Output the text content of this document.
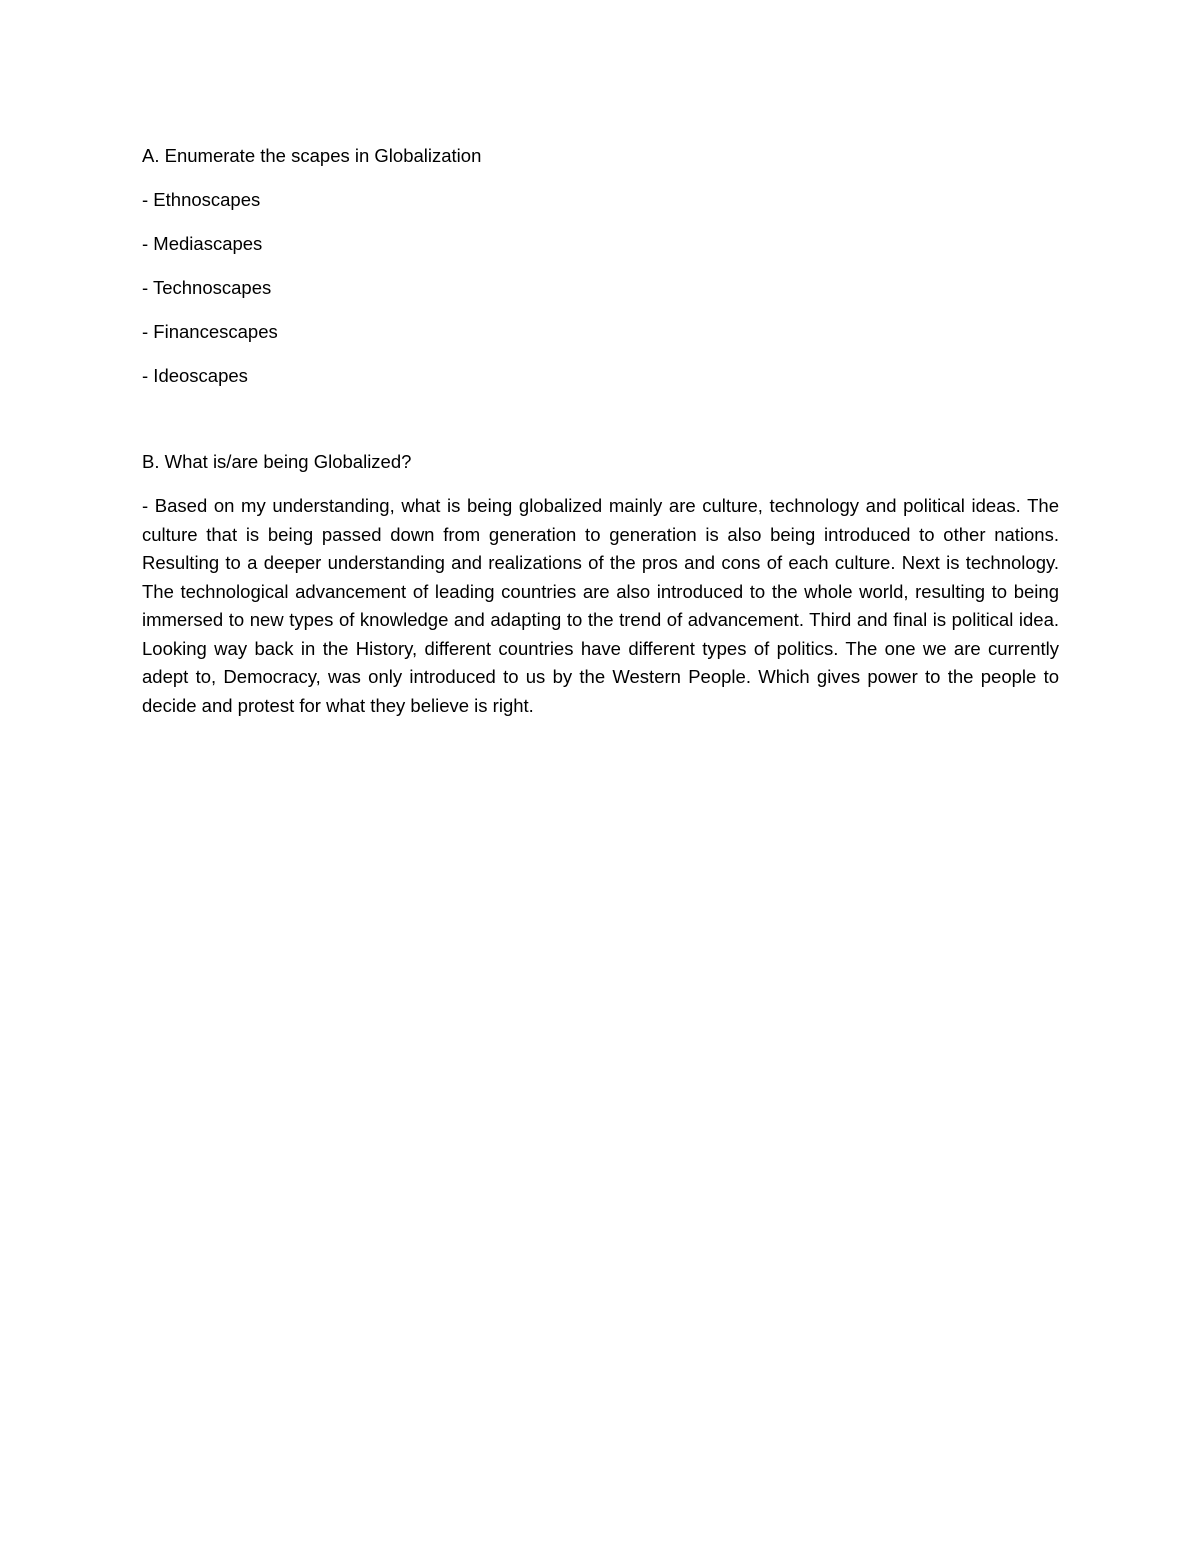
A. Enumerate the scapes in Globalization

- Ethnoscapes
- Mediascapes
- Technoscapes
- Financescapes
- Ideoscapes

B. What is/are being Globalized?

- Based on my understanding, what is being globalized mainly are culture, technology and political ideas. The culture that is being passed down from generation to generation is also being introduced to other nations. Resulting to a deeper understanding and realizations of the pros and cons of each culture. Next is technology. The technological advancement of leading countries are also introduced to the whole world, resulting to being immersed to new types of knowledge and adapting to the trend of advancement. Third and final is political idea. Looking way back in the History, different countries have different types of politics. The one we are currently adept to, Democracy, was only introduced to us by the Western People. Which gives power to the people to decide and protest for what they believe is right.
